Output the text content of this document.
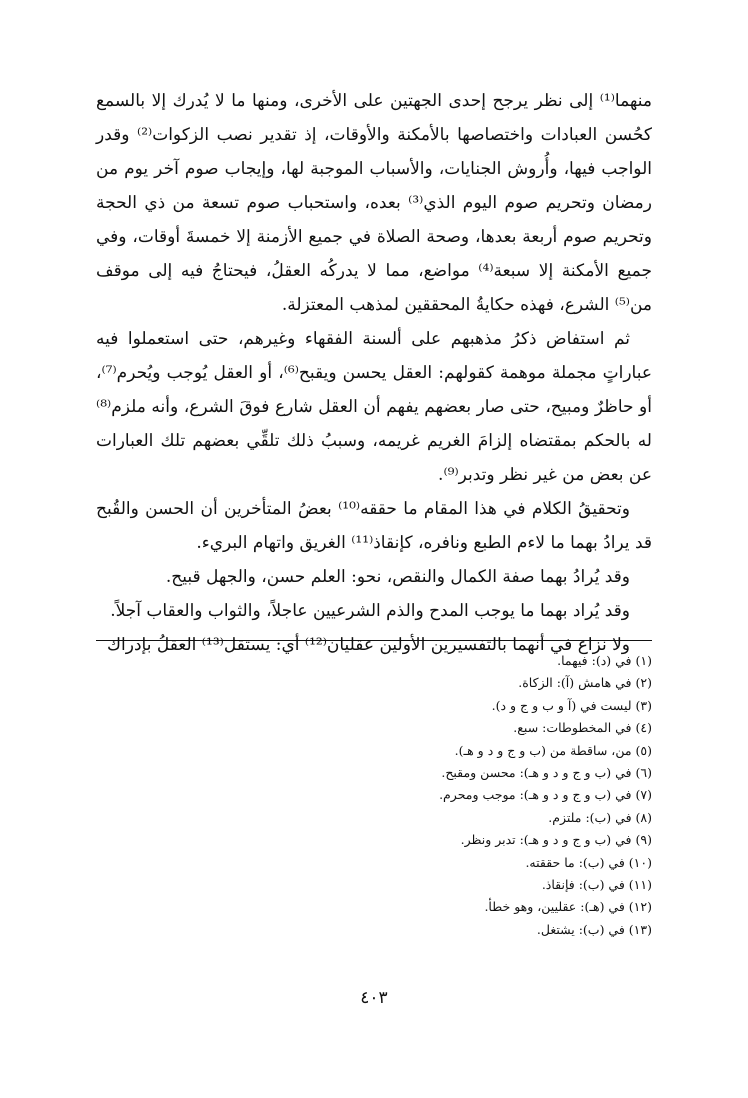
منهما⁽¹⁾ إلى نظر يرجح إحدى الجهتين على الأخرى، ومنها ما لا يُدرك إلا بالسمع كحُسن العبادات واختصاصها بالأمكنة والأوقات، إذ تقدير نصب الزكوات⁽²⁾ وقدر الواجب فيها، وأُروش الجنايات، والأسباب الموجبة لها، وإيجاب صوم آخر يوم من رمضان وتحريم صوم اليوم الذي⁽³⁾ بعده، واستحباب صوم تسعة من ذي الحجة وتحريم صوم أربعة بعدها، وصحة الصلاة في جميع الأزمنة إلا خمسةَ أوقات، وفي جميع الأمكنة إلا سبعة⁽⁴⁾ مواضع، مما لا يدركُه العقلُ، فيحتاجُ فيه إلى موقف من⁽⁵⁾ الشرع، فهذه حكايةُ المحققين لمذهب المعتزلة.

ثم استفاض ذكرُ مذهبهم على ألسنة الفقهاء وغيرهم، حتى استعملوا فيه عباراتٍ مجملة موهمة كقولهم: العقل يحسن ويقبح⁽⁶⁾، أو العقل يُوجب ويُحرم⁽⁷⁾، أو حاظرٌ ومبيح، حتى صار بعضهم يفهم أن العقل شارع فوقَ الشرع، وأنه ملزم⁽⁸⁾ له بالحكم بمقتضاه إلزامَ الغريم غريمه، وسببُ ذلك تلقِّي بعضهم تلك العبارات عن بعض من غير نظر وتدبر⁽⁹⁾.

وتحقيقُ الكلام في هذا المقام ما حققه⁽¹⁰⁾ بعضُ المتأخرين أن الحسن والقُبح قد يرادُ بهما ما لاءم الطبع ونافره، كإنقاذ⁽¹¹⁾ الغريق واتهام البريء.

وقد يُرادُ بهما صفة الكمال والنقص، نحو: العلم حسن، والجهل قبيح.

وقد يُراد بهما ما يوجب المدح والذم الشرعيين عاجلاً، والثواب والعقاب آجلاً.

ولا نزاع في أنهما بالتفسيرين الأولين عقليان⁽¹²⁾ أي: يستقل⁽¹³⁾ العقلُ بإدراك

(١) في (د): فيهما.
(٢) في هامش (آ): الزكاة.
(٣) ليست في (آ و ب و ج و د).
(٤) في المخطوطات: سبع.
(٥) من، ساقطة من (ب و ج و د و هـ).
(٦) في (ب و ج و د و هـ): محسن ومقبح.
(٧) في (ب و ج و د و هـ): موجب ومحرم.
(٨) في (ب): ملتزم.
(٩) في (ب و ج و د و هـ): تدبر ونظر.
(١٠) في (ب): ما حققته.
(١١) في (ب): فإنقاذ.
(١٢) في (هـ): عقليين، وهو خطأ.
(١٣) في (ب): يشتغل.
٤٠٣
